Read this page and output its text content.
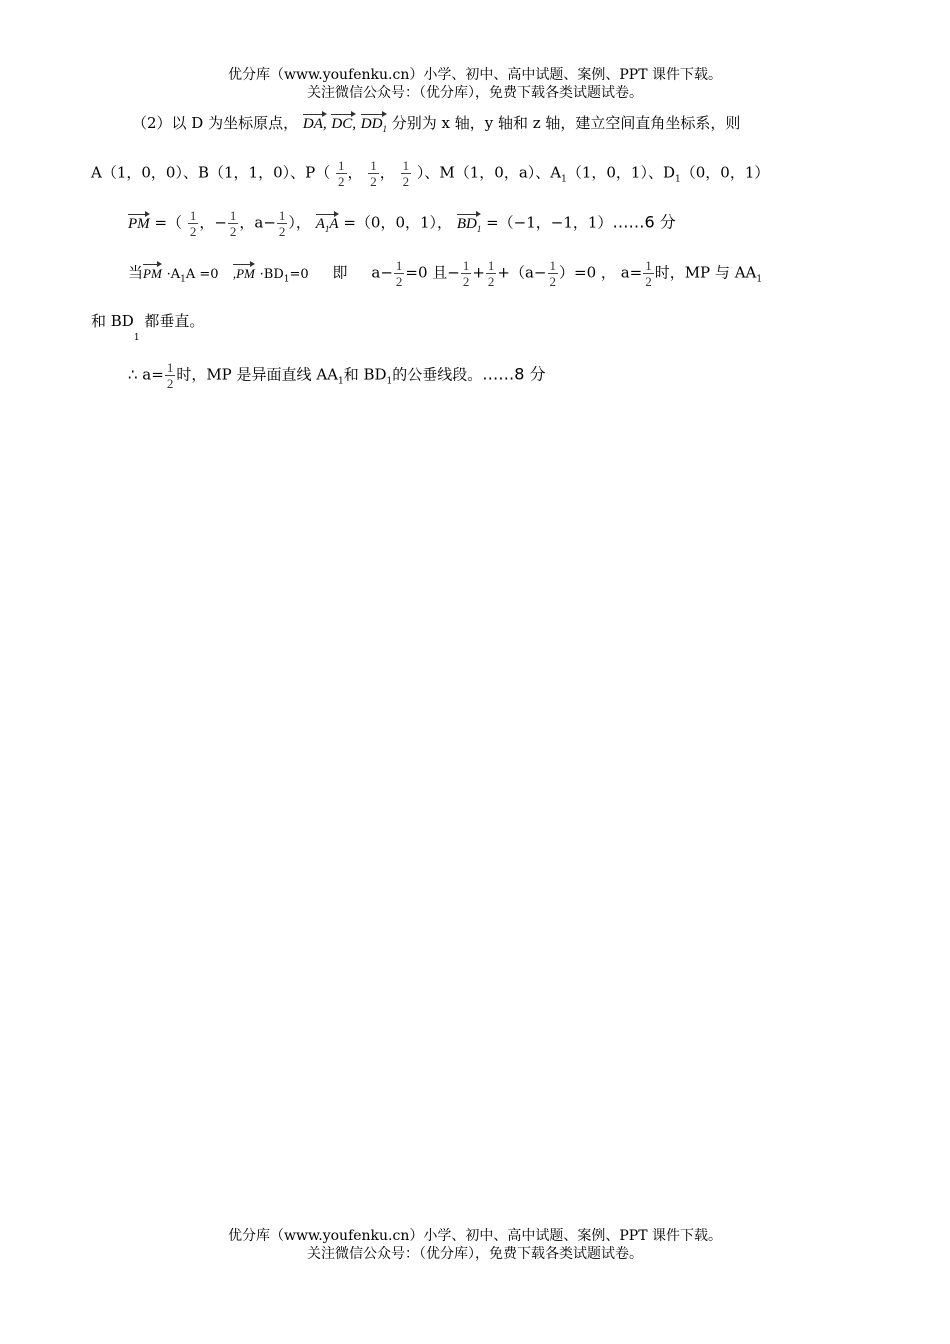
优分库（www.youfenku.cn）小学、初中、高中试题、案例、PPT 课件下载。
关注微信公众号：（优分库），免费下载各类试题试卷。
（2）以 D 为坐标原点， DA, DC, $DD_1$ 分别为 x 轴，y 轴和 z 轴，建立空间直角坐标系，则
A（1，0，0）、B（1，1，0）、$P( \frac{1}{2}$ ， $\frac{1}{2}$ ， $\frac{1}{2}$ ）、M（1，0，a）、$A_1(1$，0，1）、$D_1(0$，0，1）
PM =（ $\frac{1}{2}$ ，− $\frac{1}{2}$ ，$a- \frac{1}{2}$ ）， $A_1A =(0$，0，1）， $BD_1 =(-1$，−1，1）……6 分
当PM $\cdot A_1A =0$ $,PM \cdot BD_1=0$ 即 $a- \frac{1}{2} =0$ 且− $\frac{1}{2} + \frac{1}{2} +(a- \frac{1}{2} )=0$ ， $a= \frac{1}{2}$ 时，MP 与 $AA_1$
和 $BD_1$ 都垂直。
∴ $a= \frac{1}{2}$ 时，MP 是异面直线 $AA_1$和 $BD_1$的公垂线段。……8 分
优分库（www.youfenku.cn）小学、初中、高中试题、案例、PPT 课件下载。
关注微信公众号：（优分库），免费下载各类试题试卷。
